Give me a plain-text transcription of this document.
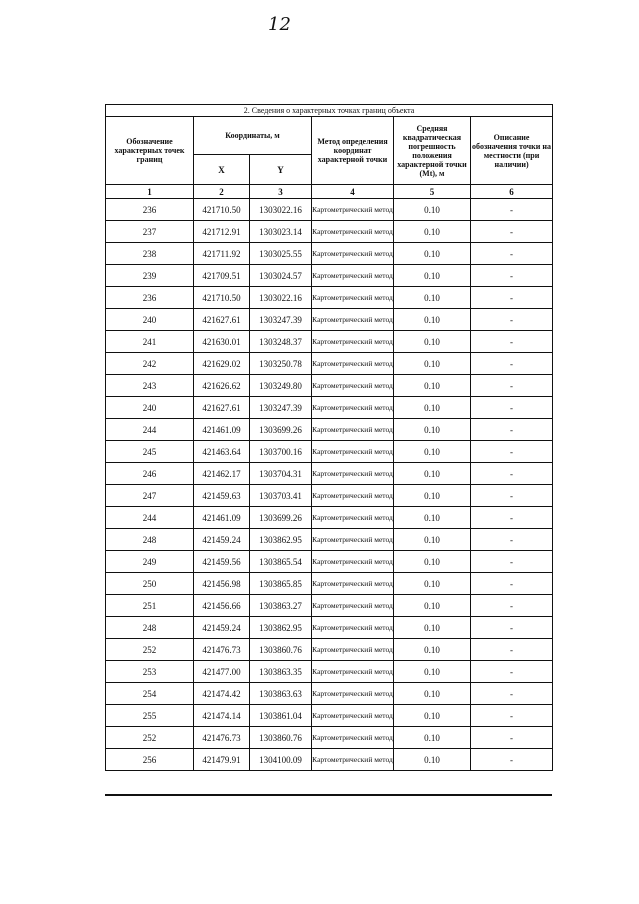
12
2. Сведения о характерных точках границ объекта					
Обозначение характерных точек границ	Координаты, м		Метод определения координат характерной точки	Средняя квадратическая погрешность положения характерной точки (Mt), м	Описание обозначения точки на местности (при наличии)
	X	Y			
1	2	3	4	5	6
236	421710.50	1303022.16	Картометрический метод	0.10	-
237	421712.91	1303023.14	Картометрический метод	0.10	-
238	421711.92	1303025.55	Картометрический метод	0.10	-
239	421709.51	1303024.57	Картометрический метод	0.10	-
236	421710.50	1303022.16	Картометрический метод	0.10	-
240	421627.61	1303247.39	Картометрический метод	0.10	-
241	421630.01	1303248.37	Картометрический метод	0.10	-
242	421629.02	1303250.78	Картометрический метод	0.10	-
243	421626.62	1303249.80	Картометрический метод	0.10	-
240	421627.61	1303247.39	Картометрический метод	0.10	-
244	421461.09	1303699.26	Картометрический метод	0.10	-
245	421463.64	1303700.16	Картометрический метод	0.10	-
246	421462.17	1303704.31	Картометрический метод	0.10	-
247	421459.63	1303703.41	Картометрический метод	0.10	-
244	421461.09	1303699.26	Картометрический метод	0.10	-
248	421459.24	1303862.95	Картометрический метод	0.10	-
249	421459.56	1303865.54	Картометрический метод	0.10	-
250	421456.98	1303865.85	Картометрический метод	0.10	-
251	421456.66	1303863.27	Картометрический метод	0.10	-
248	421459.24	1303862.95	Картометрический метод	0.10	-
252	421476.73	1303860.76	Картометрический метод	0.10	-
253	421477.00	1303863.35	Картометрический метод	0.10	-
254	421474.42	1303863.63	Картометрический метод	0.10	-
255	421474.14	1303861.04	Картометрический метод	0.10	-
252	421476.73	1303860.76	Картометрический метод	0.10	-
256	421479.91	1304100.09	Картометрический метод	0.10	-
